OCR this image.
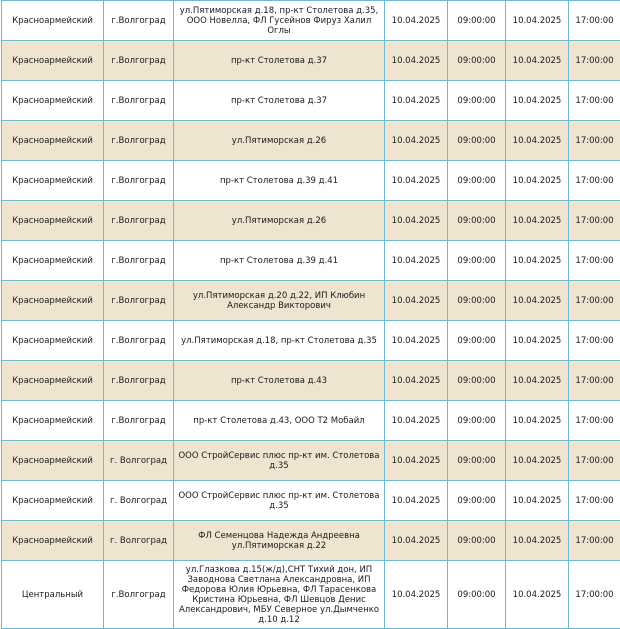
Красноармейский	г.Волгоград	ул.Пятиморская д.18, пр-кт Столетова д.35, ООО Новелла, ФЛ Гусейнов Фируз Халил Оглы	10.04.2025	09:00:00	10.04.2025	17:00:00
Красноармейский	г.Волгоград	пр-кт Столетова д.37	10.04.2025	09:00:00	10.04.2025	17:00:00
Красноармейский	г.Волгоград	пр-кт Столетова д.37	10.04.2025	09:00:00	10.04.2025	17:00:00
Красноармейский	г.Волгоград	ул.Пятиморская д.26	10.04.2025	09:00:00	10.04.2025	17:00:00
Красноармейский	г.Волгоград	пр-кт Столетова д.39 д.41	10.04.2025	09:00:00	10.04.2025	17:00:00
Красноармейский	г.Волгоград	ул.Пятиморская д.26	10.04.2025	09:00:00	10.04.2025	17:00:00
Красноармейский	г.Волгоград	пр-кт Столетова д.39 д.41	10.04.2025	09:00:00	10.04.2025	17:00:00
Красноармейский	г.Волгоград	ул.Пятиморская д.20 д.22, ИП Клюбин Александр Викторович	10.04.2025	09:00:00	10.04.2025	17:00:00
Красноармейский	г.Волгоград	ул.Пятиморская д.18, пр-кт Столетова д.35	10.04.2025	09:00:00	10.04.2025	17:00:00
Красноармейский	г.Волгоград	пр-кт Столетова д.43	10.04.2025	09:00:00	10.04.2025	17:00:00
Красноармейский	г.Волгоград	пр-кт Столетова д.43, ООО Т2 Мобайл	10.04.2025	09:00:00	10.04.2025	17:00:00
Красноармейский	г. Волгоград	ООО СтройСервис плюс пр-кт им. Столетова д.35	10.04.2025	09:00:00	10.04.2025	17:00:00
Красноармейский	г. Волгоград	ООО СтройСервис плюс пр-кт им. Столетова д.35	10.04.2025	09:00:00	10.04.2025	17:00:00
Красноармейский	г. Волгоград	ФЛ Семенцова Надежда Андреевна ул.Пятиморская д.22	10.04.2025	09:00:00	10.04.2025	17:00:00
Центральный	г.Волгоград	ул.Глазкова д.15(ж/д),СНТ Тихий дон, ИП Заводнова Светлана Александровна, ИП Федорова Юлия Юрьевна, ФЛ Тарасенкова Кристина Юрьевна, ФЛ Шевцов Денис Александрович, МБУ Северное ул.Дымченко д.10 д.12	10.04.2025	09:00:00	10.04.2025	17:00:00
